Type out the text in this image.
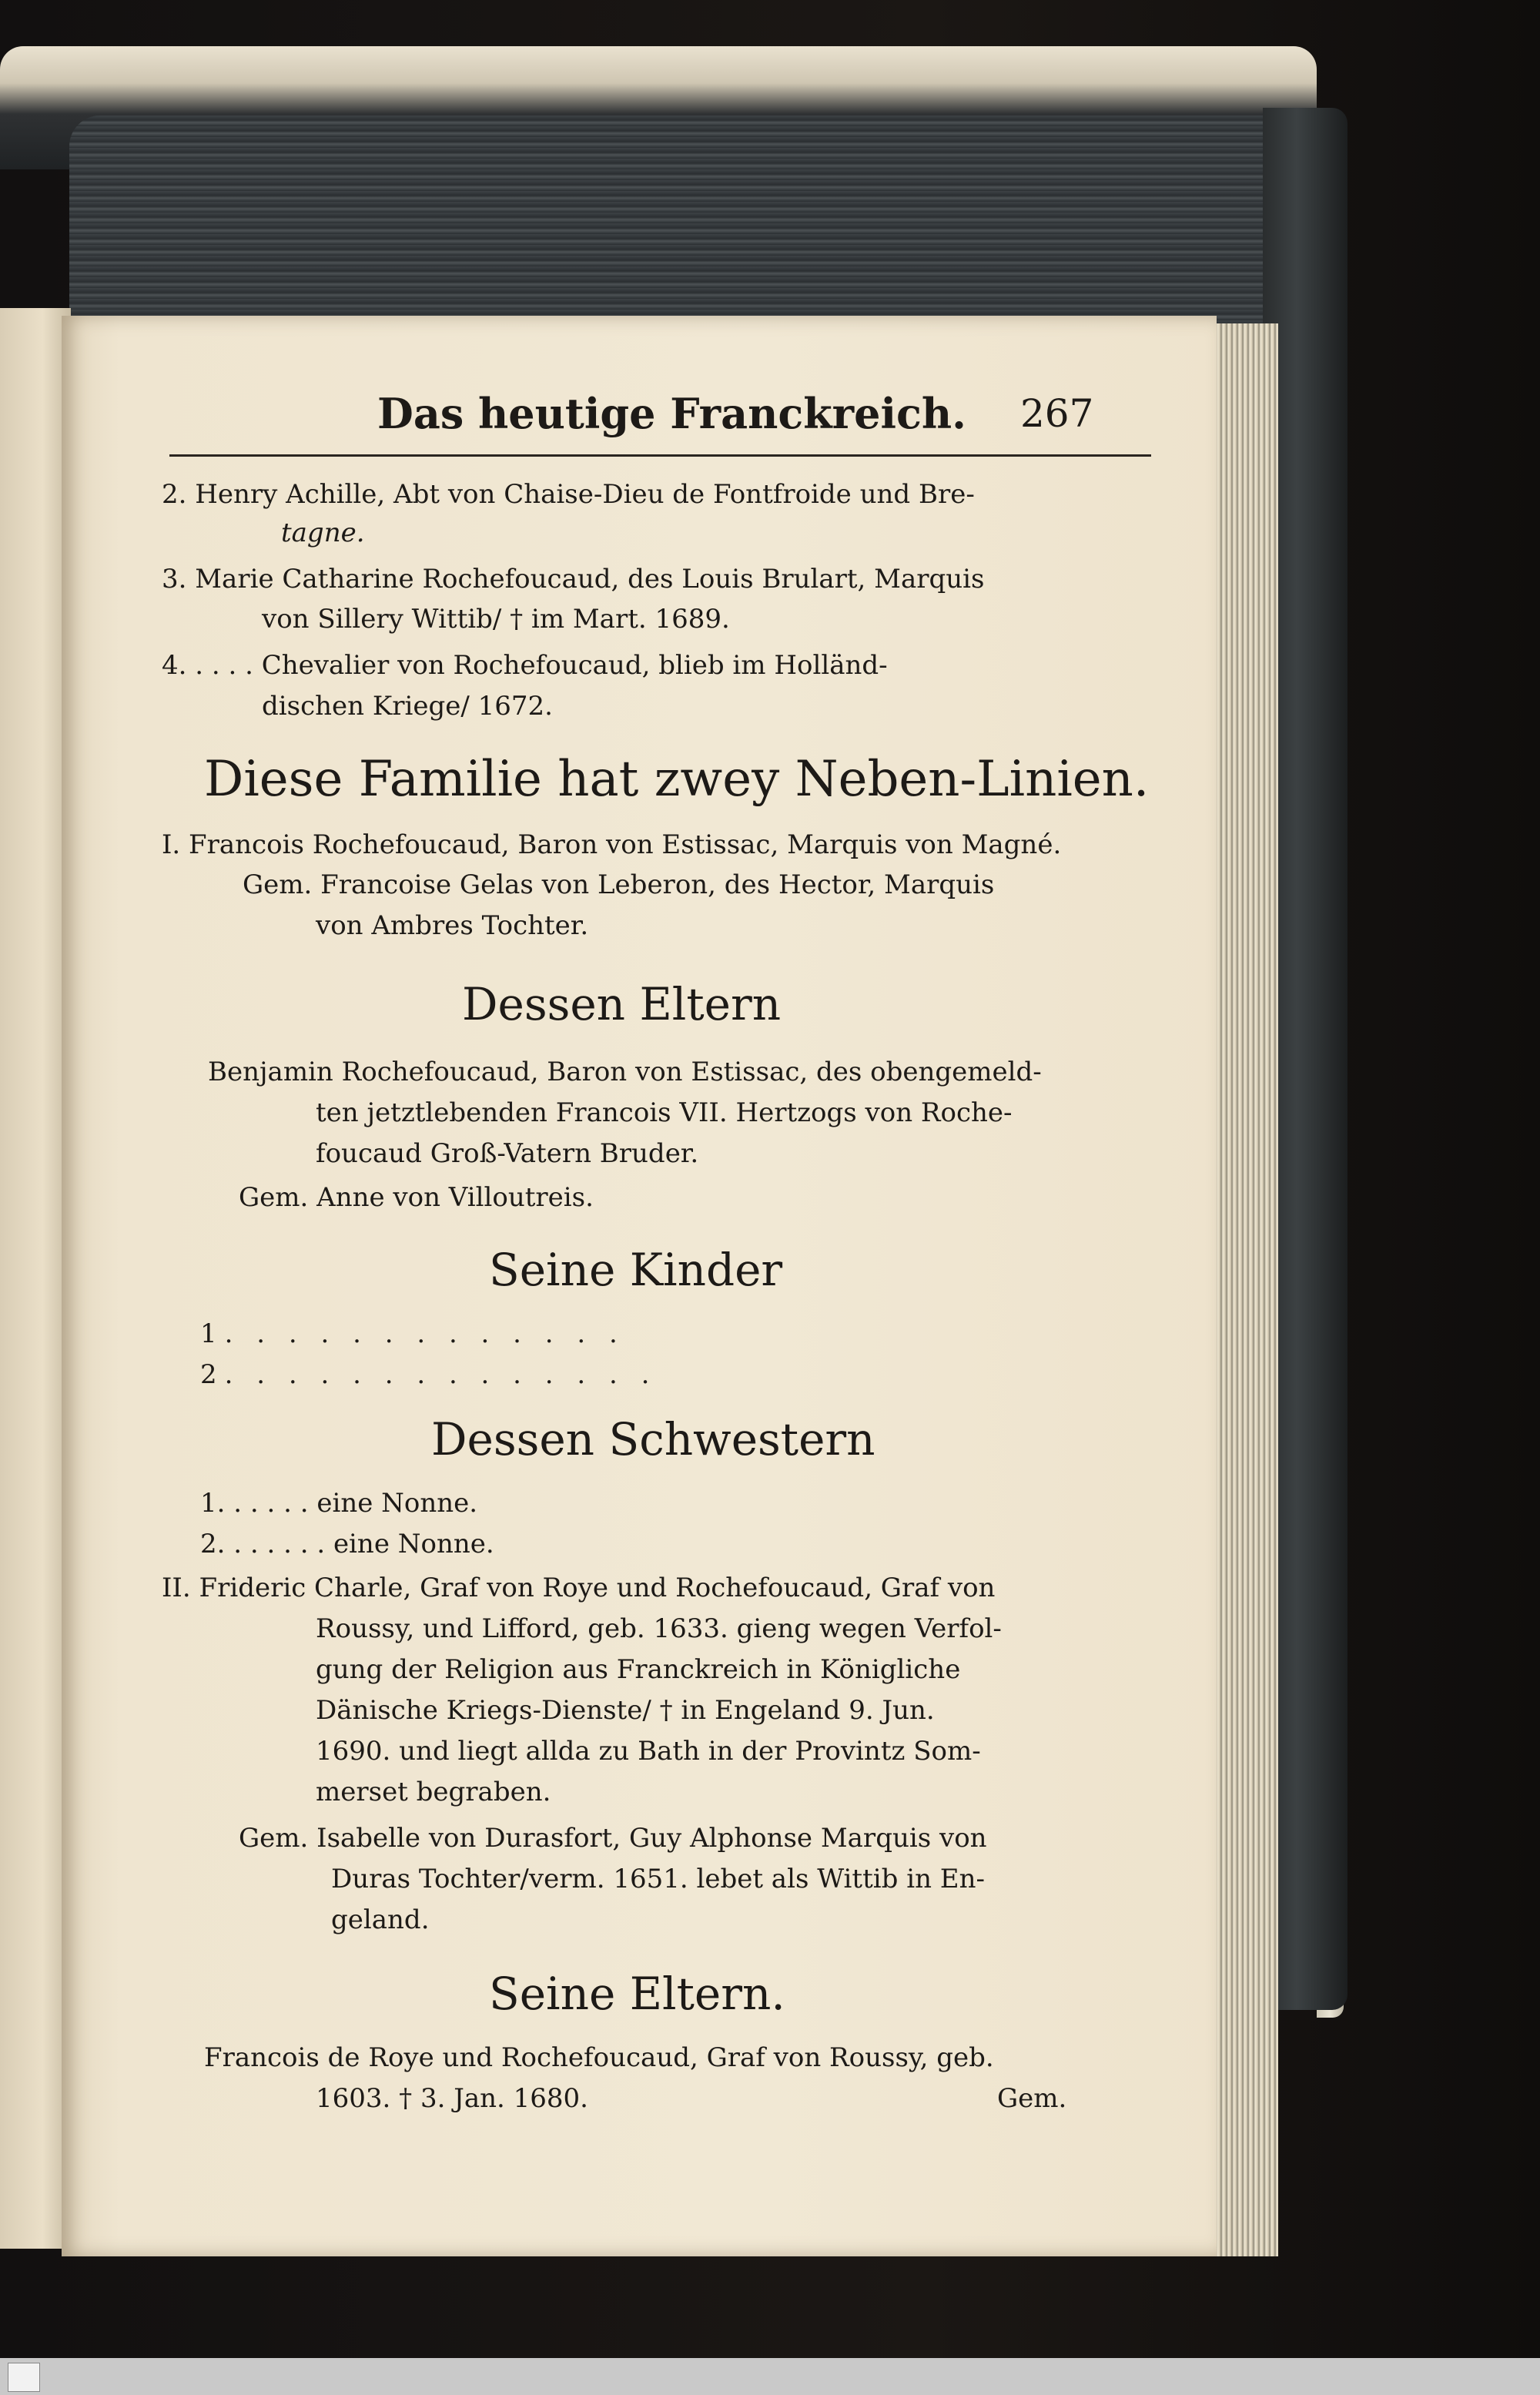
Das heutige Franckreich. 267
2. Henry Achille, Abt von Chaise-Dieu de Fontfroide und Bre-
tagne.
3. Marie Catharine Rochefoucaud, des Louis Brulart, Marquis
von Sillery Wittib/ † im Mart. 1689.
4. . . . . Chevalier von Rochefoucaud, blieb im Holländ-
dischen Kriege/ 1672.
Diese Familie hat zwey Neben-Linien.
I. Francois Rochefoucaud, Baron von Estissac, Marquis von Magné.
Gem. Francoise Gelas von Leberon, des Hector, Marquis
von Ambres Tochter.
Dessen Eltern
Benjamin Rochefoucaud, Baron von Estissac, des obengemeld-
ten jetztlebenden Francois VII. Hertzogs von Roche-
foucaud Groß-Vatern Bruder.
Gem. Anne von Villoutreis.
Seine Kinder
1. . . . . . . . . . . . .
2. . . . . . . . . . . . . .
Dessen Schwestern
1. . . . . . eine Nonne.
2. . . . . . . eine Nonne.
II. Frideric Charle, Graf von Roye und Rochefoucaud, Graf von
Roussy, und Lifford, geb. 1633. gieng wegen Verfol-
gung der Religion aus Franckreich in Königliche
Dänische Kriegs-Dienste/ † in Engeland 9. Jun.
1690. und liegt allda zu Bath in der Provintz Som-
merset begraben.
Gem. Isabelle von Durasfort, Guy Alphonse Marquis von
Duras Tochter/verm. 1651. lebet als Wittib in En-
geland.
Seine Eltern.
Francois de Roye und Rochefoucaud, Graf von Roussy, geb.
1603. † 3. Jan. 1680.	Gem.
